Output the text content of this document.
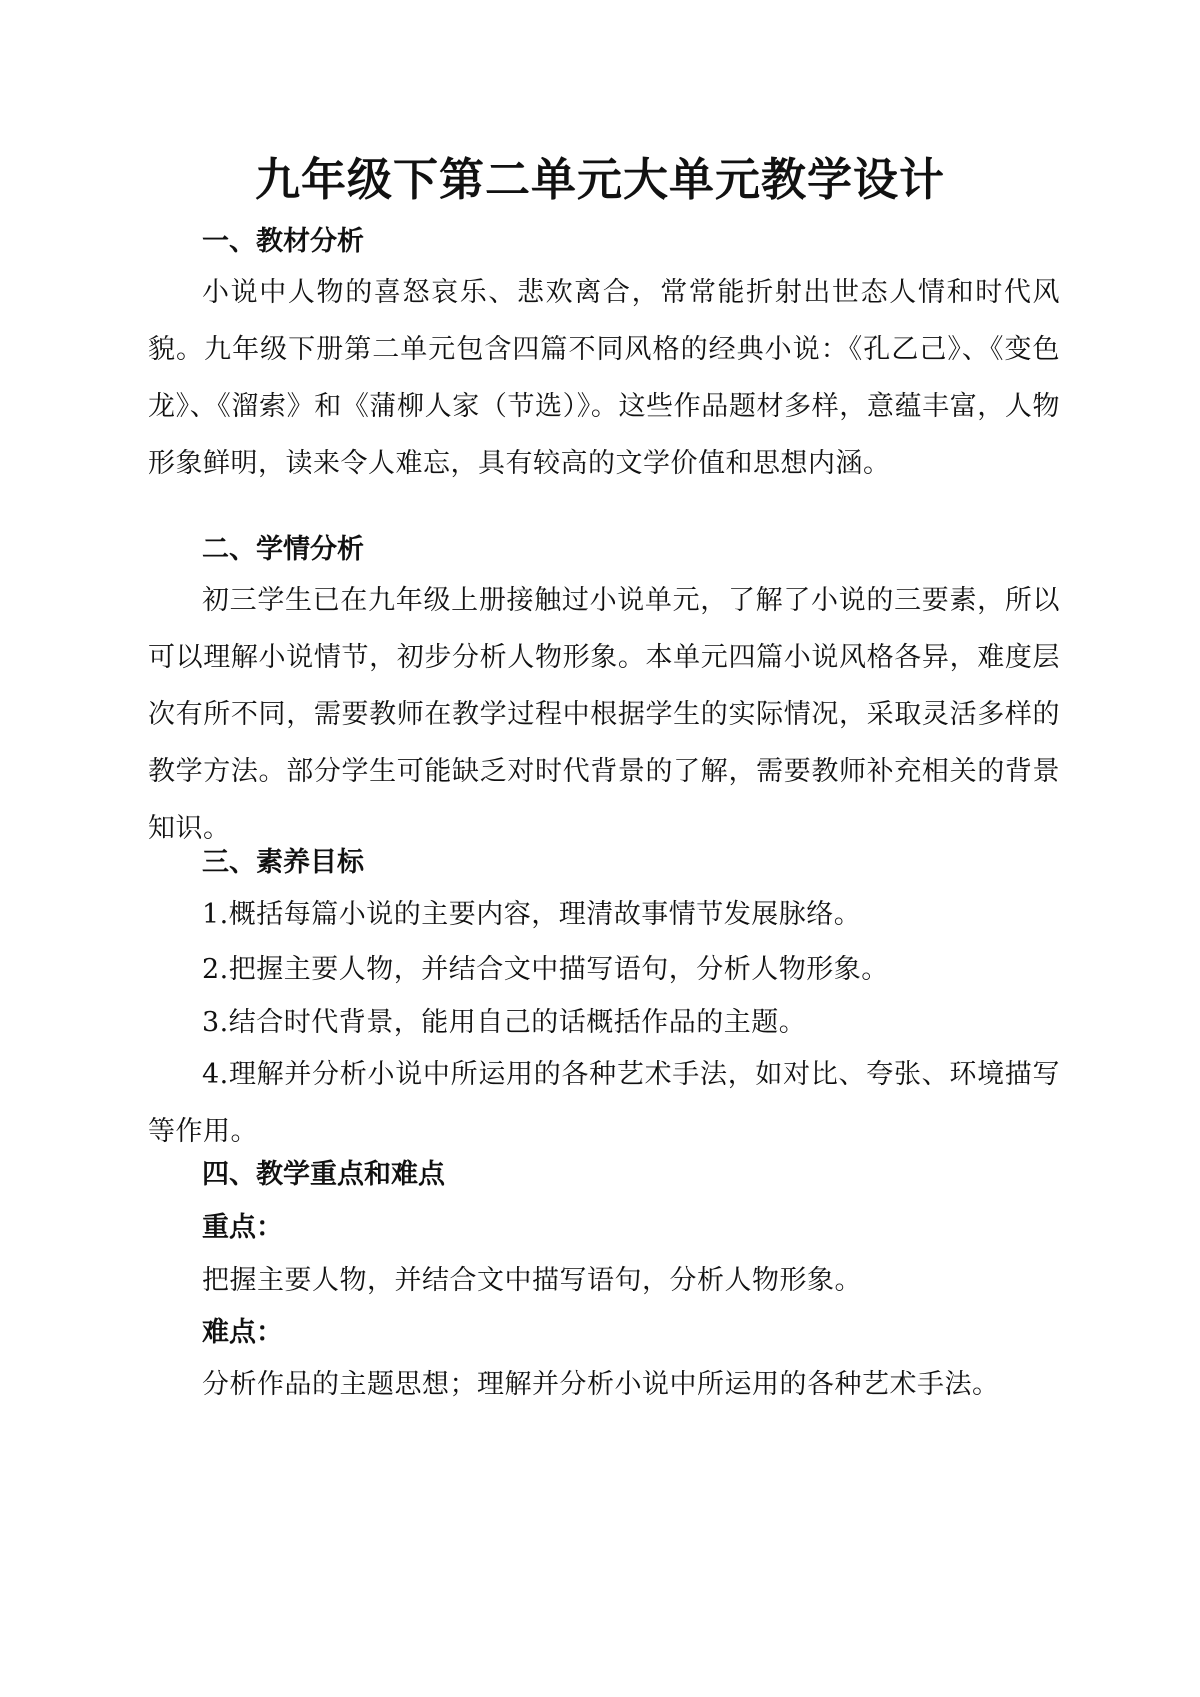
九年级下第二单元大单元教学设计
一、教材分析

小说中人物的喜怒哀乐、悲欢离合，常常能折射出世态人情和时代风貌。九年级下册第二单元包含四篇不同风格的经典小说：《孔乙己》、《变色龙》、《溜索》和《蒲柳人家（节选）》。这些作品题材多样，意蕴丰富，人物形象鲜明，读来令人难忘，具有较高的文学价值和思想内涵。

二、学情分析

初三学生已在九年级上册接触过小说单元，了解了小说的三要素，所以可以理解小说情节，初步分析人物形象。本单元四篇小说风格各异，难度层次有所不同，需要教师在教学过程中根据学生的实际情况，采取灵活多样的教学方法。部分学生可能缺乏对时代背景的了解，需要教师补充相关的背景知识。

三、素养目标

1.概括每篇小说的主要内容，理清故事情节发展脉络。

2.把握主要人物，并结合文中描写语句，分析人物形象。

3.结合时代背景，能用自己的话概括作品的主题。

4.理解并分析小说中所运用的各种艺术手法，如对比、夸张、环境描写等作用。

四、教学重点和难点
重点：

把握主要人物，并结合文中描写语句，分析人物形象。

难点：

分析作品的主题思想；理解并分析小说中所运用的各种艺术手法。
